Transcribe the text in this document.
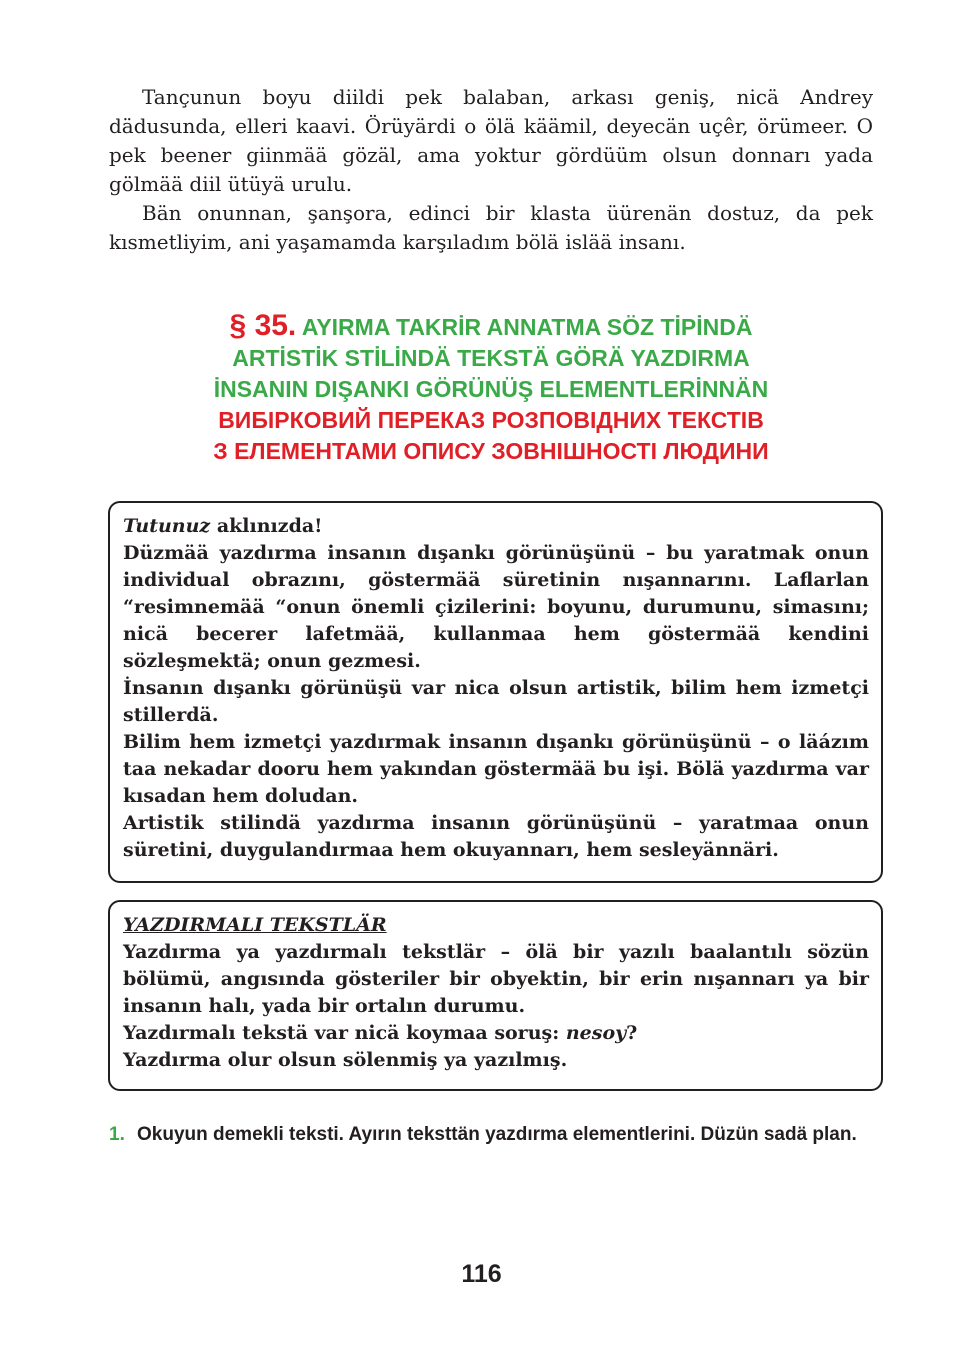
Tançunun boyu diildi pek balaban, arkası geniş, nicä Andrey dädusunda, elleri kaavi. Örüyärdi o ölä käämil, deyecän uçêr, örümeer. O pek beener giinmää gözäl, ama yoktur gördüüm olsun donnarı yada gölmää diil ütüyä urulu.

Bän onunnan, şanşora, edinci bir klasta üürenän dostuz, da pek kısmetliyim, ani yaşamamda karşıladım bölä islää insanı.

§ 35. AYIRMA TAKRİR ANNATMA SÖZ TİPİNDÄ
ARTİSTİK STİLİNDÄ TEKSTÄ GÖRÄ YAZDIRMA
İNSANIN DIŞANKI GÖRÜNÜŞ ELEMENTLERİNNÄN
ВИБІРКОВИЙ ПЕРЕКАЗ РОЗПОВІДНИХ ТЕКСТІВ
З ЕЛЕМЕНТАМИ ОПИСУ ЗОВНІШНОСТІ ЛЮДИНИ

Tutunuz aklınızda!

Düzmää yazdırma insanın dışankı görünüşünü – bu yaratmak onun individual obrazını, göstermää süretinin nışannarını. Laflarlan “resimnemää “onun önemli çizilerini: boyunu, durumunu, simasını; nicä becerer lafetmää, kullanmaa hem göstermää kendini sözleşmektä; onun gezmesi.

İnsanın dışankı görünüşü var nica olsun artistik, bilim hem izmetçi stillerdä.

Bilim hem izmetçi yazdırmak insanın dışankı görünüşünü – o läázım taa nekadar dooru hem yakından göstermää bu işi. Bölä yazdırma var kısadan hem doludan.

Artistik stilindä yazdırma insanın görünüşünü – yaratmaa onun süretini, duygulandırmaa hem okuyannarı, hem sesleyännäri.

YAZDIRMALI TEKSTLÄR

Yazdırma ya yazdırmalı tekstlär – ölä bir yazılı baalantılı sözün bölümü, angısında gösteriler bir obyektin, bir erin nışannarı ya bir insanın halı, yada bir ortalın durumu.

Yazdırmalı tekstä var nicä koymaa soruş: nesoy?

Yazdırma olur olsun sölenmiş ya yazılmış.

1. Okuyun demekli teksti. Ayırın teksttän yazdırma elementlerini. Düzün sadä plan.
116
